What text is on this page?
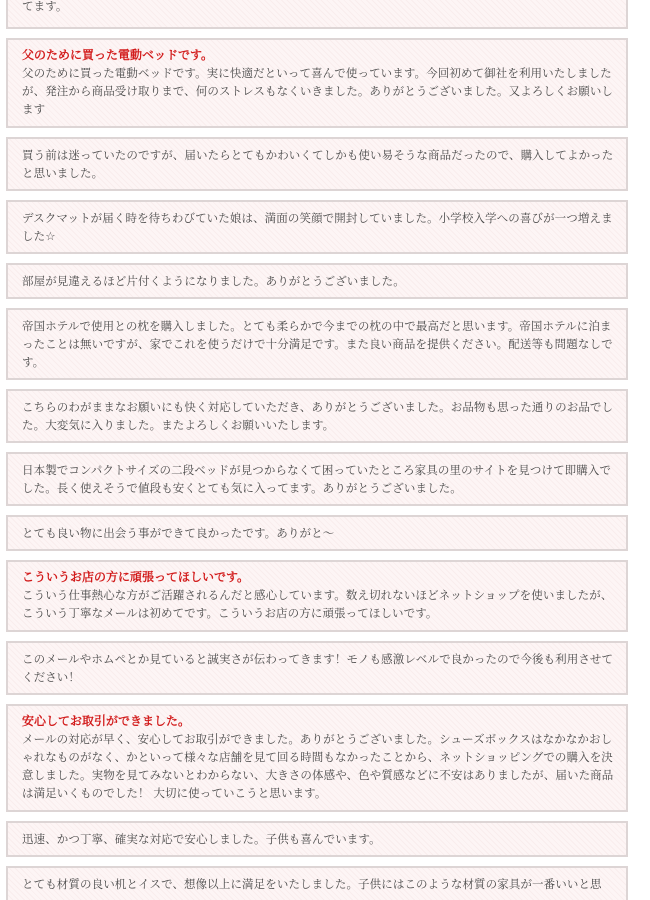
てます。
父のために買った電動ベッドです。
父のために買った電動ベッドです。実に快適だといって喜んで使っています。今回初めて御社を利用いたしましたが、発注から商品受け取りまで、何のストレスもなくいきました。ありがとうございました。又よろしくお願いします
買う前は迷っていたのですが、届いたらとてもかわいくてしかも使い易そうな商品だったので、購入してよかったと思いました。
デスクマットが届く時を待ちわびていた娘は、満面の笑顔で開封していました。小学校入学への喜びが一つ増えました☆
部屋が見違えるほど片付くようになりました。ありがとうございました。
帝国ホテルで使用との枕を購入しました。とても柔らかで今までの枕の中で最高だと思います。帝国ホテルに泊まったことは無いですが、家でこれを使うだけで十分満足です。また良い商品を提供ください。配送等も問題なしです。
こちらのわがままなお願いにも快く対応していただき、ありがとうございました。お品物も思った通りのお品でした。大変気に入りました。またよろしくお願いいたします。
日本製でコンパクトサイズの二段ベッドが見つからなくて困っていたところ家具の里のサイトを見つけて即購入でした。長く使えそうで値段も安くとても気に入ってます。ありがとうございました。
とても良い物に出会う事ができて良かったです。ありがと〜
こういうお店の方に頑張ってほしいです。
こういう仕事熱心な方がご活躍されるんだと感心しています。数え切れないほどネットショップを使いましたが、こういう丁寧なメールは初めてです。こういうお店の方に頑張ってほしいです。
このメールやホムペとか見ていると誠実さが伝わってきます！モノも感激レベルで良かったので今後も利用させてください！
安心してお取引ができました。
メールの対応が早く、安心してお取引ができました。ありがとうございました。シューズボックスはなかなかおしゃれなものがなく、かといって様々な店舗を見て回る時間もなかったことから、ネットショッピングでの購入を決意しました。実物を見てみないとわからない、大きさの体感や、色や質感などに不安はありましたが、届いた商品は満足いくものでした！ 大切に使っていこうと思います。
迅速、かつ丁寧、確実な対応で安心しました。子供も喜んでいます。
とても材質の良い机とイスで、想像以上に満足をいたしました。子供にはこのような材質の家具が一番いいと思
